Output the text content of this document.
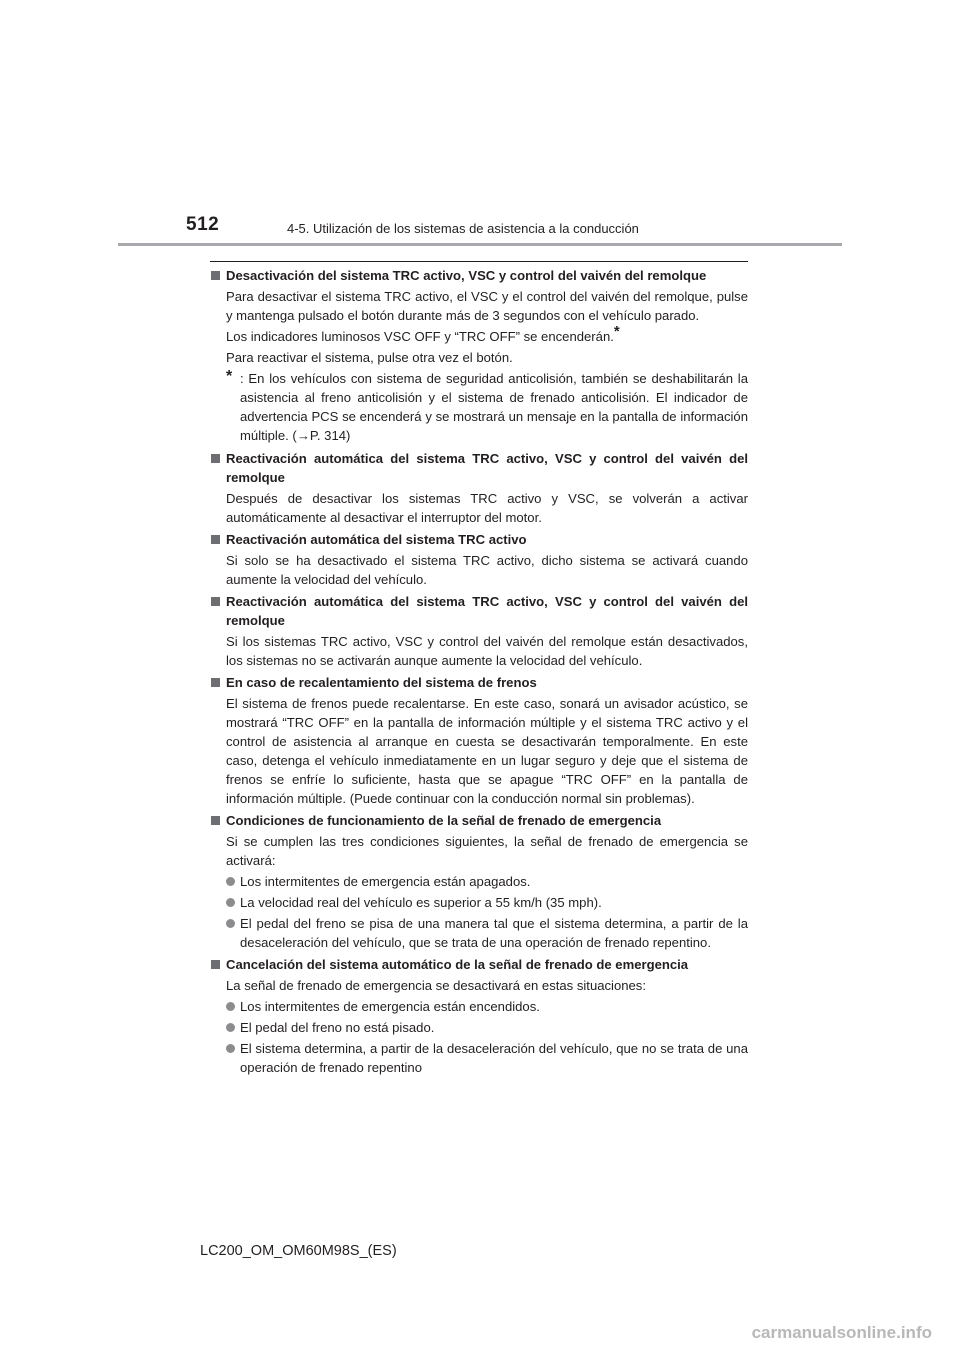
512	4-5. Utilización de los sistemas de asistencia a la conducción
Desactivación del sistema TRC activo, VSC y control del vaivén del remolque
Para desactivar el sistema TRC activo, el VSC y el control del vaivén del remolque, pulse y mantenga pulsado el botón durante más de 3 segundos con el vehículo parado.
Los indicadores luminosos VSC OFF y “TRC OFF” se encenderán.*
Para reactivar el sistema, pulse otra vez el botón.
* : En los vehículos con sistema de seguridad anticolisión, también se deshabilitarán la asistencia al freno anticolisión y el sistema de frenado anticolisión. El indicador de advertencia PCS se encenderá y se mostrará un mensaje en la pantalla de información múltiple. (→P. 314)
Reactivación automática del sistema TRC activo, VSC y control del vaivén del remolque
Después de desactivar los sistemas TRC activo y VSC, se volverán a activar automáticamente al desactivar el interruptor del motor.
Reactivación automática del sistema TRC activo
Si solo se ha desactivado el sistema TRC activo, dicho sistema se activará cuando aumente la velocidad del vehículo.
Reactivación automática del sistema TRC activo, VSC y control del vaivén del remolque
Si los sistemas TRC activo, VSC y control del vaivén del remolque están desactivados, los sistemas no se activarán aunque aumente la velocidad del vehículo.
En caso de recalentamiento del sistema de frenos
El sistema de frenos puede recalentarse. En este caso, sonará un avisador acústico, se mostrará “TRC OFF” en la pantalla de información múltiple y el sistema TRC activo y el control de asistencia al arranque en cuesta se desactivarán temporalmente. En este caso, detenga el vehículo inmediatamente en un lugar seguro y deje que el sistema de frenos se enfríe lo suficiente, hasta que se apague “TRC OFF” en la pantalla de información múltiple. (Puede continuar con la conducción normal sin problemas).
Condiciones de funcionamiento de la señal de frenado de emergencia
Si se cumplen las tres condiciones siguientes, la señal de frenado de emergencia se activará:
Los intermitentes de emergencia están apagados.
La velocidad real del vehículo es superior a 55 km/h (35 mph).
El pedal del freno se pisa de una manera tal que el sistema determina, a partir de la desaceleración del vehículo, que se trata de una operación de frenado repentino.
Cancelación del sistema automático de la señal de frenado de emergencia
La señal de frenado de emergencia se desactivará en estas situaciones:
Los intermitentes de emergencia están encendidos.
El pedal del freno no está pisado.
El sistema determina, a partir de la desaceleración del vehículo, que no se trata de una operación de frenado repentino
LC200_OM_OM60M98S_(ES)
carmanualsonline.info
